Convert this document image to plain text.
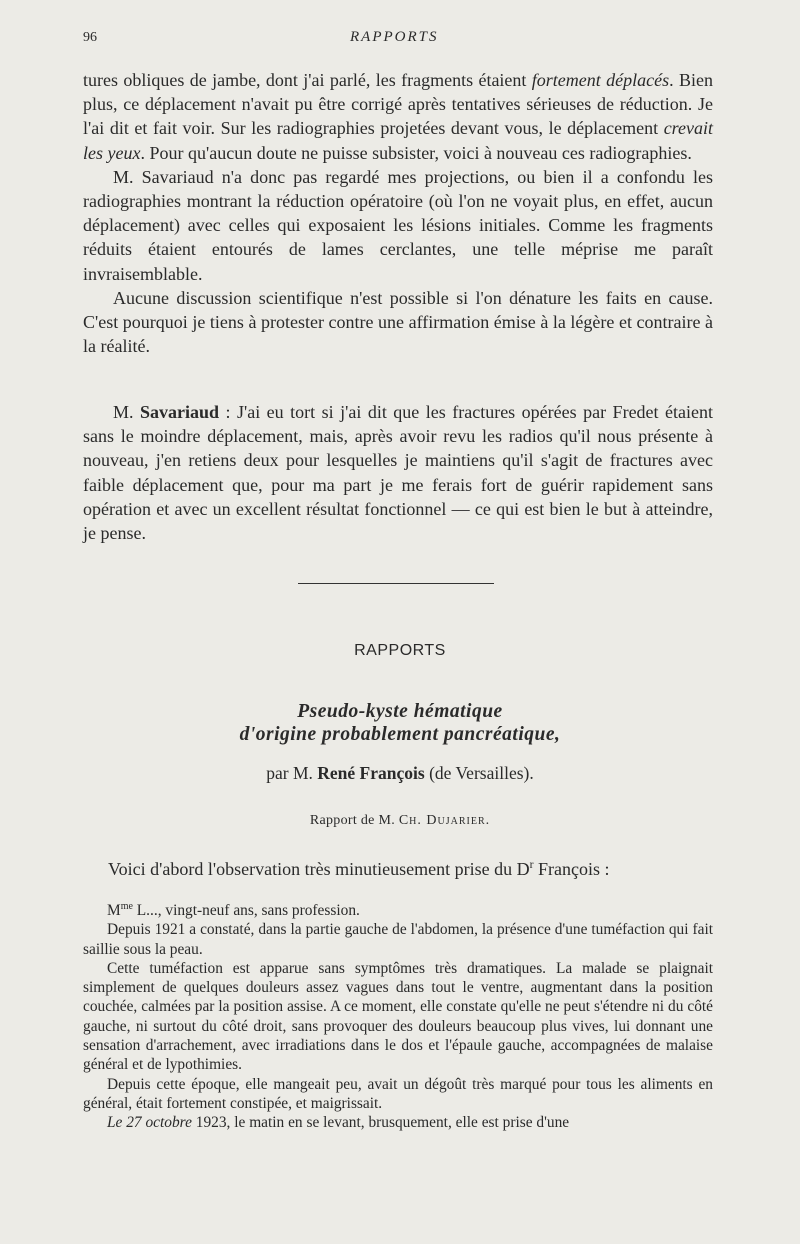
96	RAPPORTS

tures obliques de jambe, dont j'ai parlé, les fragments étaient fortement déplacés. Bien plus, ce déplacement n'avait pu être corrigé après tentatives sérieuses de réduction. Je l'ai dit et fait voir. Sur les radiographies projetées devant vous, le déplacement crevait les yeux. Pour qu'aucun doute ne puisse subsister, voici à nouveau ces radiographies.

M. Savariaud n'a donc pas regardé mes projections, ou bien il a confondu les radiographies montrant la réduction opératoire (où l'on ne voyait plus, en effet, aucun déplacement) avec celles qui exposaient les lésions initiales. Comme les fragments réduits étaient entourés de lames cerclantes, une telle méprise me paraît invraisemblable.

Aucune discussion scientifique n'est possible si l'on dénature les faits en cause. C'est pourquoi je tiens à protester contre une affirmation émise à la légère et contraire à la réalité.

M. Savariaud : J'ai eu tort si j'ai dit que les fractures opérées par Fredet étaient sans le moindre déplacement, mais, après avoir revu les radios qu'il nous présente à nouveau, j'en retiens deux pour lesquelles je maintiens qu'il s'agit de fractures avec faible déplacement que, pour ma part je me ferais fort de guérir rapidement sans opération et avec un excellent résultat fonctionnel — ce qui est bien le but à atteindre, je pense.

RAPPORTS
Pseudo-kyste hématique
d'origine probablement pancréatique,
par M. René François (de Versailles).
Rapport de M. Ch. Dujarier.
Voici d'abord l'observation très minutieusement prise du $D^r$ François :

$M^{me}$ L..., vingt-neuf ans, sans profession.

Depuis 1921 a constaté, dans la partie gauche de l'abdomen, la présence d'une tuméfaction qui fait saillie sous la peau.

Cette tuméfaction est apparue sans symptômes très dramatiques. La malade se plaignait simplement de quelques douleurs assez vagues dans tout le ventre, augmentant dans la position couchée, calmées par la position assise. A ce moment, elle constate qu'elle ne peut s'étendre ni du côté gauche, ni surtout du côté droit, sans provoquer des douleurs beaucoup plus vives, lui donnant une sensation d'arrachement, avec irradiations dans le dos et l'épaule gauche, accompagnées de malaise général et de lypothimies.

Depuis cette époque, elle mangeait peu, avait un dégoût très marqué pour tous les aliments en général, était fortement constipée, et maigrissait.

Le 27 octobre 1923, le matin en se levant, brusquement, elle est prise d'une
